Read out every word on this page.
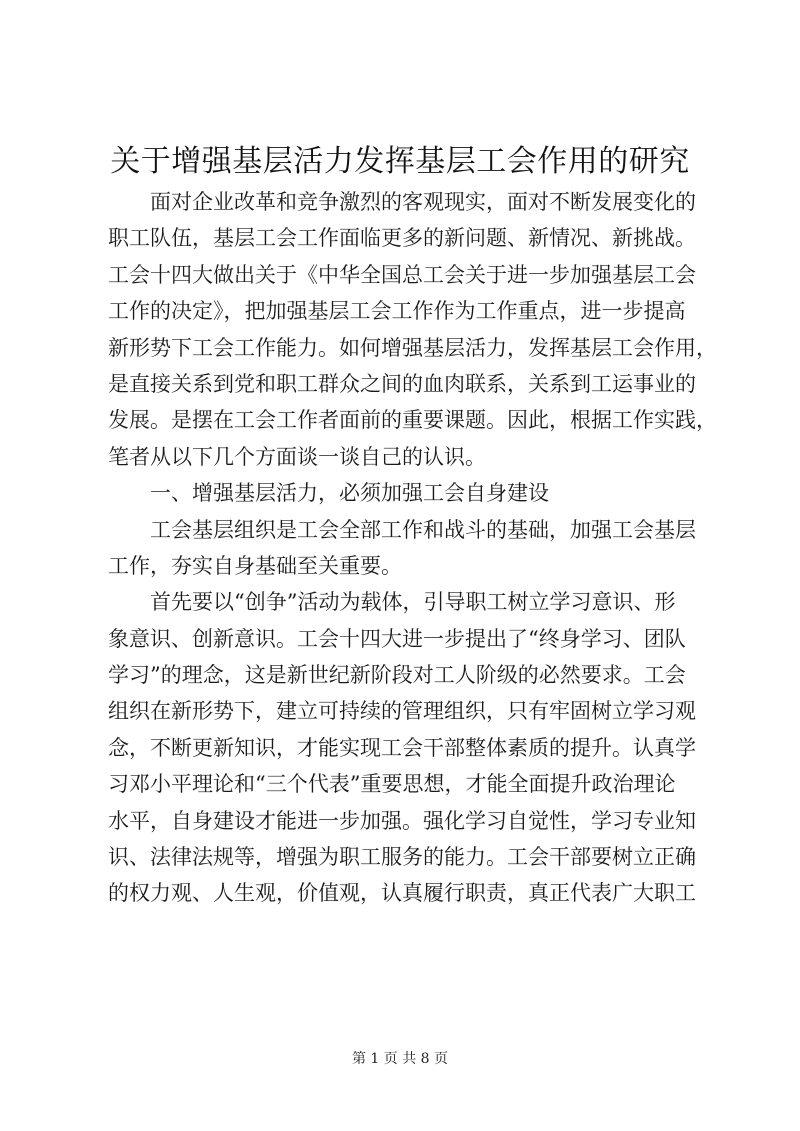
关于增强基层活力发挥基层工会作用的研究
　　面对企业改革和竞争激烈的客观现实，面对不断发展变化的
职工队伍，基层工会工作面临更多的新问题、新情况、新挑战。
工会十四大做出关于《中华全国总工会关于进一步加强基层工会
工作的决定》，把加强基层工会工作作为工作重点，进一步提高
新形势下工会工作能力。如何增强基层活力，发挥基层工会作用，
是直接关系到党和职工群众之间的血肉联系，关系到工运事业的
发展。是摆在工会工作者面前的重要课题。因此，根据工作实践，
笔者从以下几个方面谈一谈自己的认识。
　　一、增强基层活力，必须加强工会自身建设
　　工会基层组织是工会全部工作和战斗的基础，加强工会基层
工作，夯实自身基础至关重要。
　　首先要以“创争”活动为载体，引导职工树立学习意识、形
象意识、创新意识。工会十四大进一步提出了“终身学习、团队
学习”的理念，这是新世纪新阶段对工人阶级的必然要求。工会
组织在新形势下，建立可持续的管理组织，只有牢固树立学习观
念，不断更新知识，才能实现工会干部整体素质的提升。认真学
习邓小平理论和“三个代表”重要思想，才能全面提升政治理论
水平，自身建设才能进一步加强。强化学习自觉性，学习专业知
识、法律法规等，增强为职工服务的能力。工会干部要树立正确
的权力观、人生观，价值观，认真履行职责，真正代表广大职工
第 1 页 共 8 页
